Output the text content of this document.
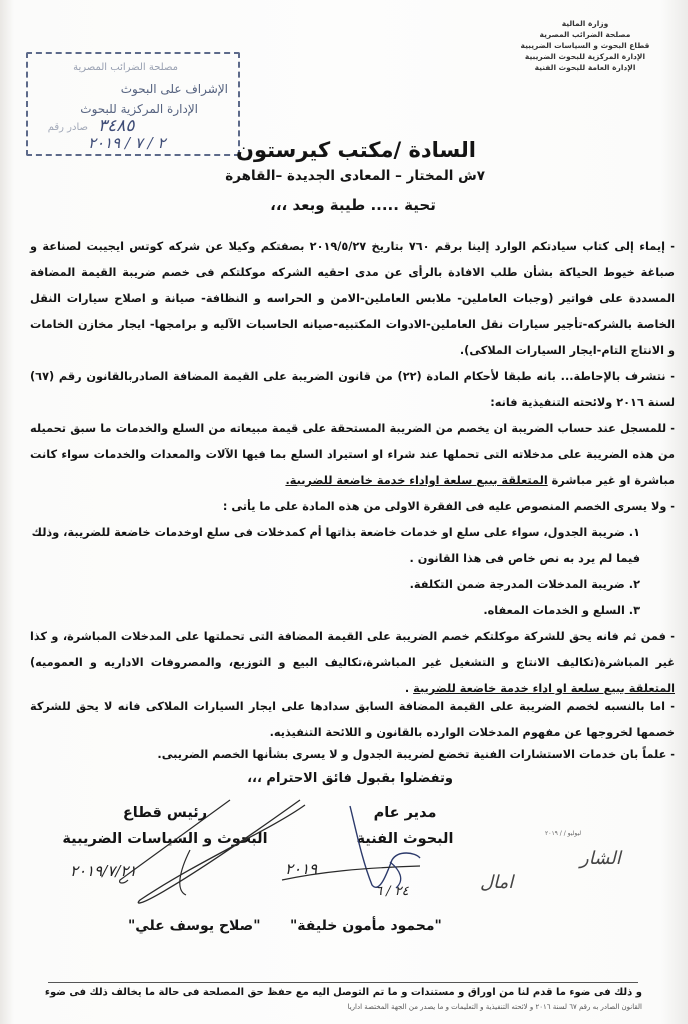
وزارة المالية
مصلحة الضرائب المصرية
قطاع البحوث و السياسات الضريبية
الإدارة المركزية للبحوث الضريبية
الإدارة العامة للبحوث الفنية
مصلحة الضرائب المصرية
الإشراف على البحوث
الإدارة المركزية للبحوث
صادر رقم ٣٤٨٥
٢ / ٧ / ٢٠١٩	السادة /مكتب كيرستون
٧ش المختار – المعادى الجديدة –القاهرة
تحية ..... طيبة وبعد ،،،
- إيماء إلى كتاب سيادتكم الوارد إلينا برقم ٧٦٠ بتاريخ ٢٠١٩/٥/٢٧ بصفتكم وكيلا عن شركه كوتس ايجيبت لصناعة و صباغة خيوط الحياكة بشأن طلب الافادة بالرأى عن مدى احقيه الشركه موكلتكم فى خصم ضريبة القيمة المضافة المسددة على فواتير (وجبات العاملين- ملابس العاملين-الامن و الحراسه و النظافة- صيانة و اصلاح سيارات النقل الخاصة بالشركه-تأجير سيارات نقل العاملين-الادوات المكتبيه-صيانه الحاسبات الآليه و برامجها- ايجار مخازن الخامات و الانتاج التام-ايجار السيارات الملاكى).
- نتشرف بالإحاطة... بانه طبقا لأحكام المادة (٢٢) من قانون الضريبة على القيمة المضافة الصادربالقانون رقم (٦٧) لسنة ٢٠١٦ ولائحته التنفيذية فانه:
- للمسجل عند حساب الضريبة ان يخصم من الضريبة المستحقة على قيمة مبيعاته من السلع والخدمات ما سبق تحميله من هذه الضريبة على مدخلاته التى تحملها عند شراء او استيراد السلع بما فيها الآلات والمعدات والخدمات سواء كانت مباشرة او غير مباشرة المتعلقة ببيع سلعة اواداء خدمة خاضعة للضريبة.
- ولا يسرى الخصم المنصوص عليه فى الفقرة الاولى من هذه المادة على ما يأتى :
١. ضريبة الجدول، سواء على سلع او خدمات خاضعة بذاتها أم كمدخلات فى سلع اوخدمات خاضعة للضريبة، وذلك فيما لم يرد به نص خاص فى هذا القانون .
٢. ضريبة المدخلات المدرجة ضمن التكلفة.
٣. السلع و الخدمات المعفاه.
- فمن ثم فانه يحق للشركة موكلتكم خصم الضريبة على القيمة المضافة التى تحملتها على المدخلات المباشرة، و كذا غير المباشرة(تكاليف الانتاج و التشغيل غير المباشرة،تكاليف البيع و التوزيع، والمصروفات الاداريه و العموميه) المتعلقة ببيع سلعة او اداء خدمة خاضعة للضريبة .
- اما بالنسبه لخصم الضريبة على القيمة المضافة السابق سدادها على ايجار السيارات الملاكى فانه لا يحق للشركة خصمها لخروجها عن مفهوم المدخلات الوارده بالقانون و اللائحة التنفيذيه.
- علماً بان خدمات الاستشارات الفنية تخضع لضريبة الجدول و لا يسرى بشأنها الخصم الضريبى.
وتفضلوا بقبول فائق الاحترام ،،،
ليوليو / / ٢٠١٩
مدير عام
البحوث الفنية
رئيس قطاع
البحوث و السياسات الضريبية
٢٠١٩
٢٤ / ٦
٢٠١٩/٧/٢١
الشار
امال
"محمود مأمون خليفة"
"صلاح يوسف علي"
و ذلك فى ضوء ما قدم لنا من اوراق و مستندات و ما تم التوصل اليه مع حفظ حق المصلحة فى حالة ما يخالف ذلك فى ضوء
القانون الصادر به رقم ٦٧ لسنة ٢٠١٦ و لائحته التنفيذية و التعليمات و ما يصدر من الجهة المختصة اداريا
